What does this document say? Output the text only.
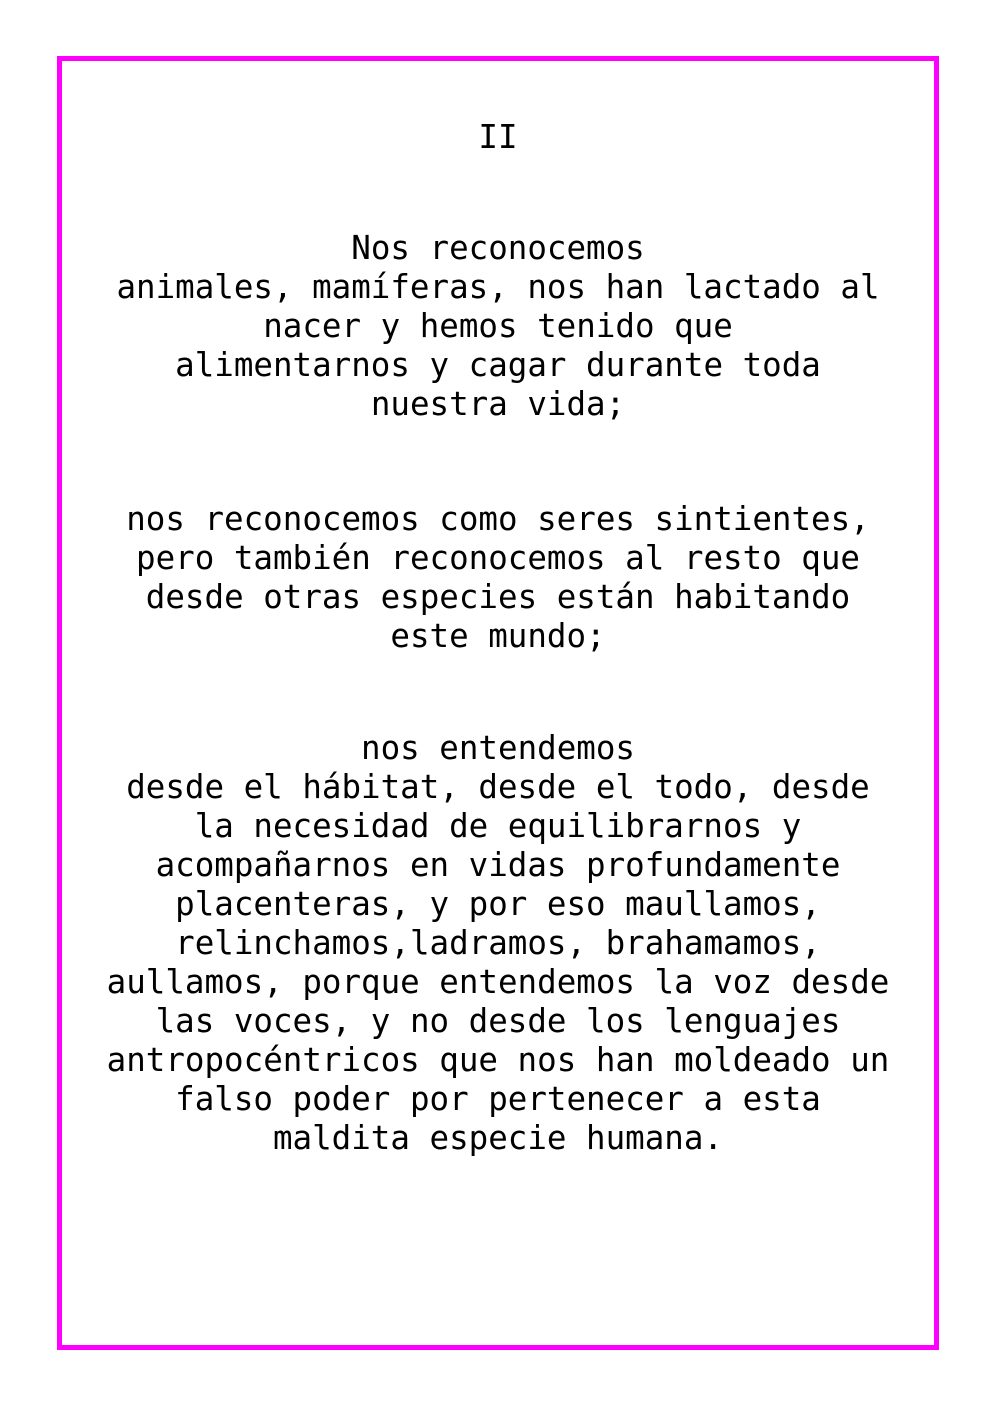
II
Nos reconocemos
animales, mamíferas, nos han lactado al
nacer y hemos tenido que
alimentarnos y cagar durante toda
nuestra vida;
nos reconocemos como seres sintientes,
pero también reconocemos al resto que
desde otras especies están habitando
este mundo;
nos entendemos
desde el hábitat, desde el todo, desde
la necesidad de equilibrarnos y
acompañarnos en vidas profundamente
placenteras, y por eso maullamos,
relinchamos,ladramos, brahamamos,
aullamos, porque entendemos la voz desde
las voces, y no desde los lenguajes
antropocéntricos que nos han moldeado un
falso poder por pertenecer a esta
maldita especie humana.
